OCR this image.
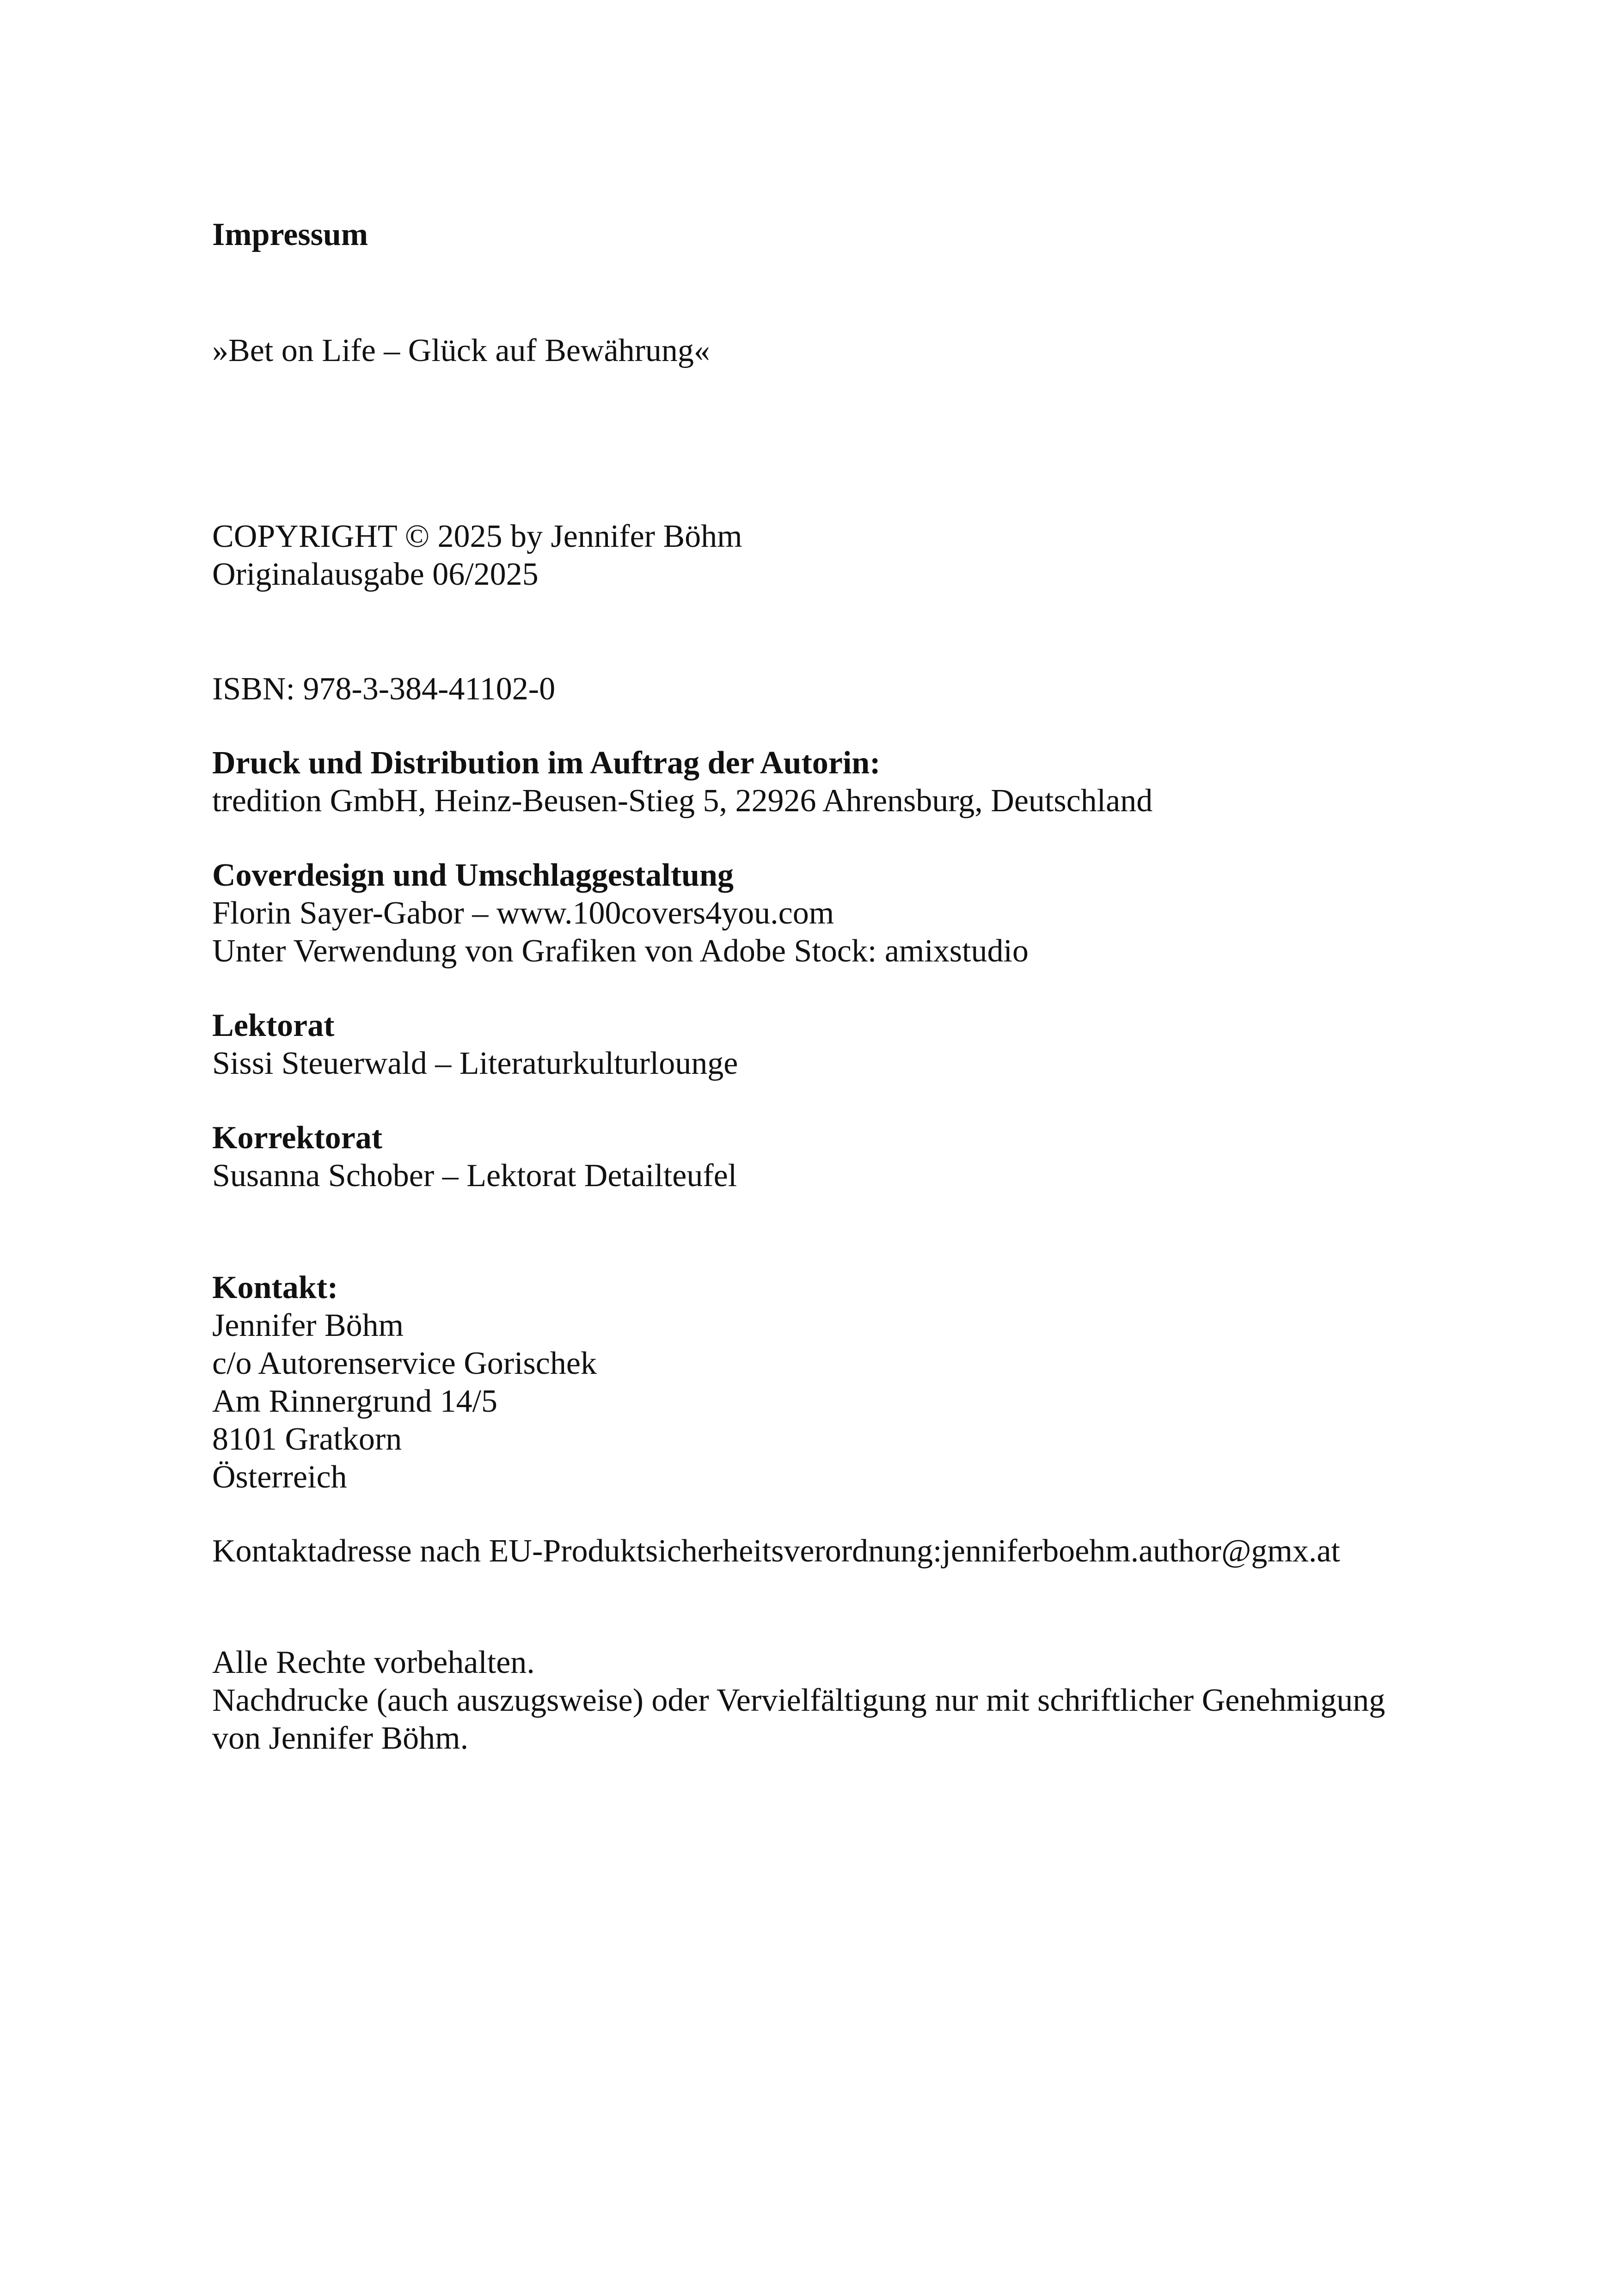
Impressum

»Bet on Life – Glück auf Bewährung«

COPYRIGHT © 2025 by Jennifer Böhm

Originalausgabe 06/2025

ISBN: 978-3-384-41102-0

Druck und Distribution im Auftrag der Autorin:

tredition GmbH, Heinz-Beusen-Stieg 5, 22926 Ahrensburg, Deutschland

Coverdesign und Umschlaggestaltung

Florin Sayer-Gabor – www.100covers4you.com

Unter Verwendung von Grafiken von Adobe Stock: amixstudio

Lektorat

Sissi Steuerwald – Literaturkulturlounge

Korrektorat

Susanna Schober – Lektorat Detailteufel

Kontakt:

Jennifer Böhm

c/o Autorenservice Gorischek

Am Rinnergrund 14/5

8101 Gratkorn

Österreich

Kontaktadresse nach EU-Produktsicherheitsverordnung:jenniferboehm.author@gmx.at

Alle Rechte vorbehalten.

Nachdrucke (auch auszugsweise) oder Vervielfältigung nur mit schriftlicher Genehmigung

von Jennifer Böhm.
